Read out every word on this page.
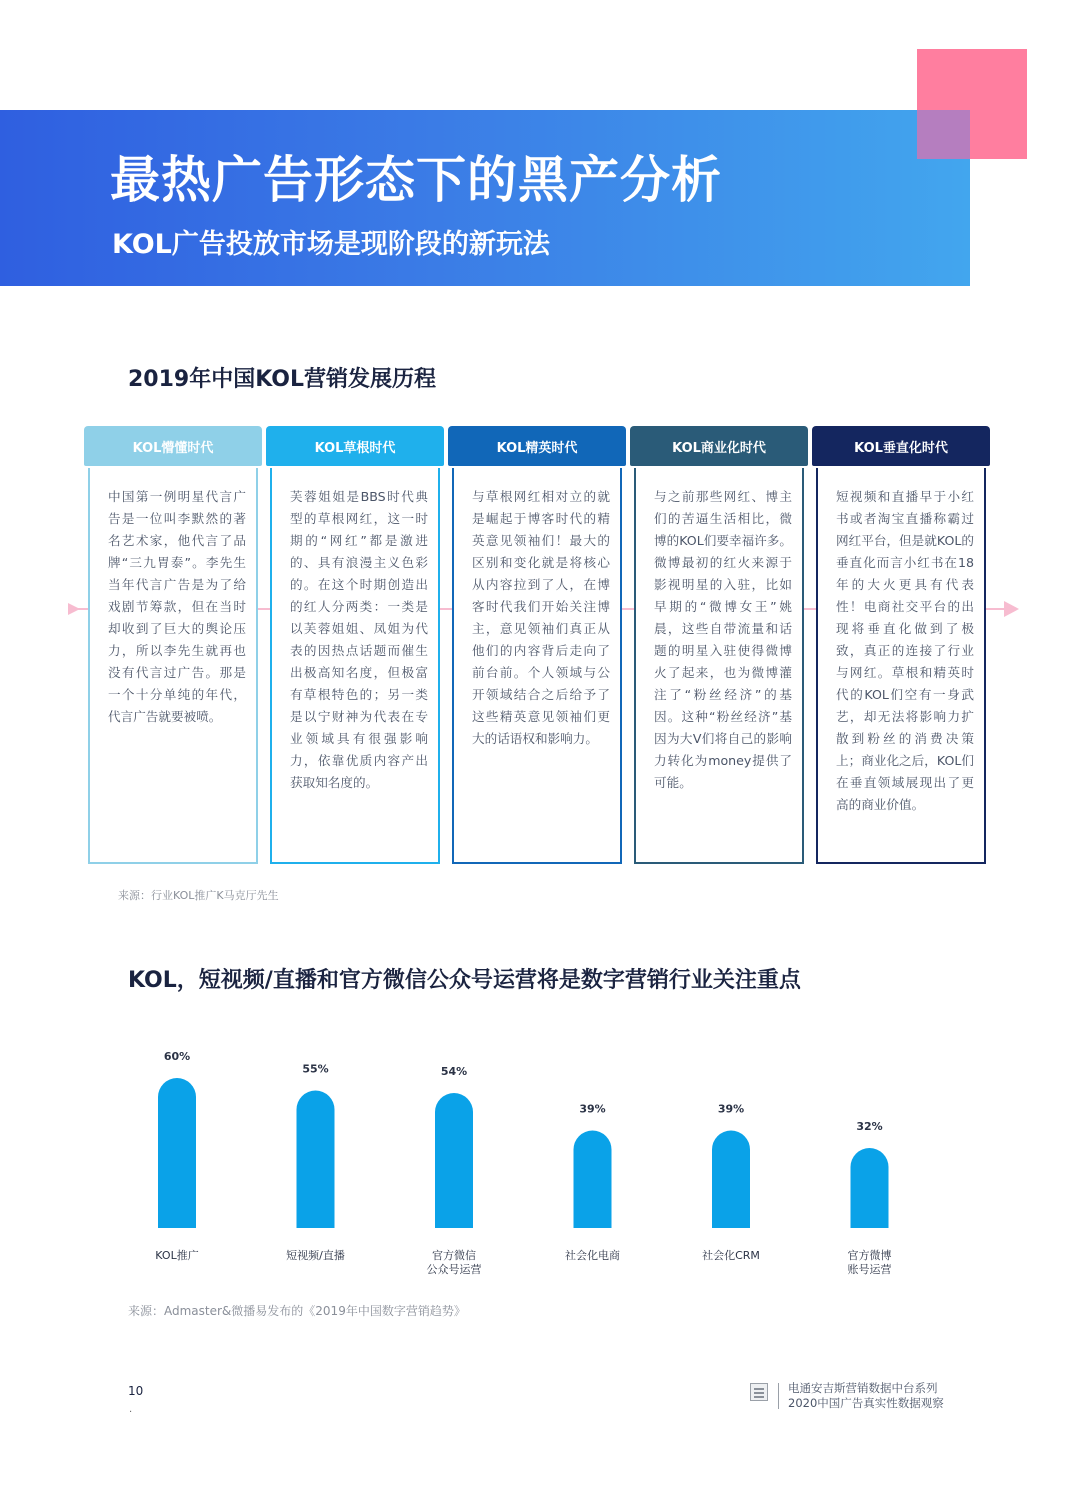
最热广告形态下的黑产分析
KOL广告投放市场是现阶段的新玩法
2019年中国KOL营销发展历程
KOL懵懂时代
中国第一例明星代言广告是一位叫李默然的著名艺术家，他代言了品牌“三九胃泰”。李先生当年代言广告是为了给戏剧节筹款，但在当时却收到了巨大的舆论压力，所以李先生就再也没有代言过广告。那是一个十分单纯的年代，代言广告就要被喷。
KOL草根时代
芙蓉姐姐是BBS时代典型的草根网红，这一时期的“网红”都是激进的、具有浪漫主义色彩的。在这个时期创造出的红人分两类：一类是以芙蓉姐姐、凤姐为代表的因热点话题而催生出极高知名度，但极富有草根特色的；另一类是以宁财神为代表在专业领域具有很强影响力，依靠优质内容产出获取知名度的。
KOL精英时代
与草根网红相对立的就是崛起于博客时代的精英意见领袖们！最大的区别和变化就是将核心从内容拉到了人，在博客时代我们开始关注博主，意见领袖们真正从他们的内容背后走向了前台前。个人领域与公开领域结合之后给予了这些精英意见领袖们更大的话语权和影响力。
KOL商业化时代
与之前那些网红、博主们的苦逼生活相比，微博的KOL们要幸福许多。微博最初的红火来源于影视明星的入驻，比如早期的“微博女王”姚晨，这些自带流量和话题的明星入驻使得微博火了起来，也为微博灌注了“粉丝经济”的基因。这种“粉丝经济”基因为大V们将自己的影响力转化为money提供了可能。
KOL垂直化时代
短视频和直播早于小红书或者淘宝直播称霸过网红平台，但是就KOL的垂直化而言小红书在18年的大火更具有代表性！电商社交平台的出现将垂直化做到了极致，真正的连接了行业与网红。草根和精英时代的KOL们空有一身武艺，却无法将影响力扩散到粉丝的消费决策上；商业化之后，KOL们在垂直领域展现出了更高的商业价值。
来源：行业KOL推广K马克厅先生
KOL，短视频/直播和官方微信公众号运营将是数字营销行业关注重点
60%
KOL推广
55%
短视频/直播
54%
官方微信
公众号运营
39%
社会化电商
39%
社会化CRM
32%
官方微博
账号运营
来源：Admaster&微播易发布的《2019年中国数字营销趋势》
10
.
电通安吉斯营销数据中台系列
2020中国广告真实性数据观察
